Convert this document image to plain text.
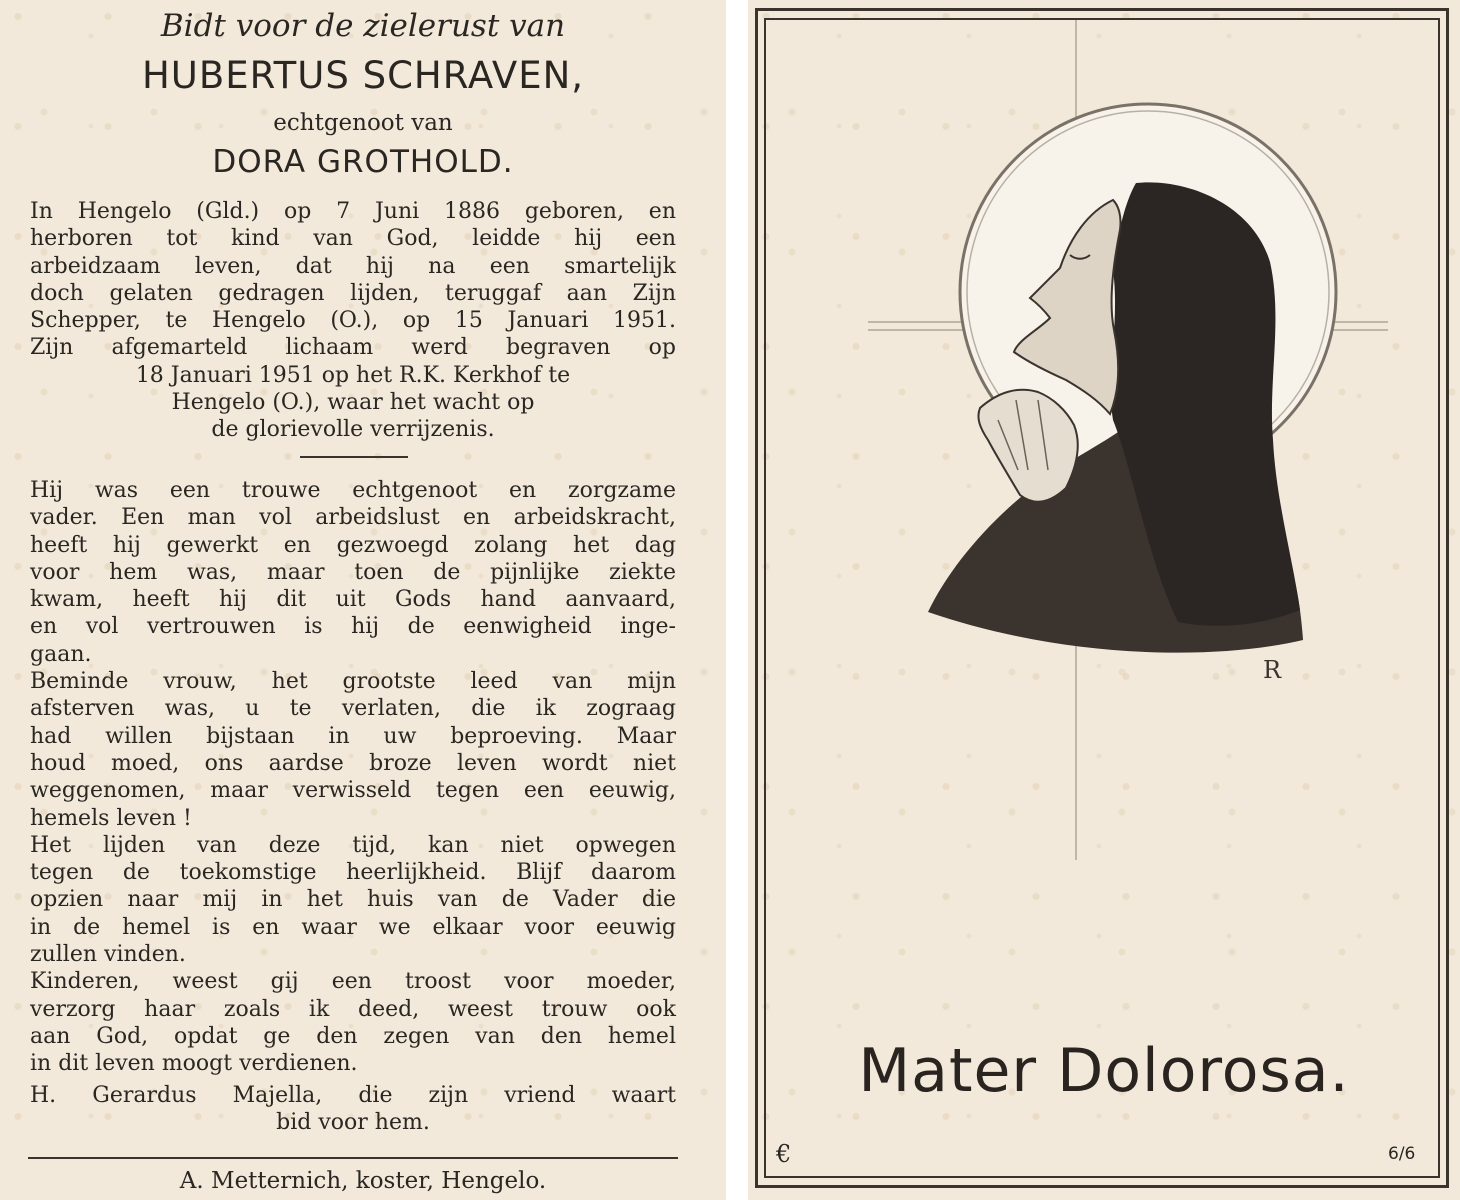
Bidt voor de zielerust van
HUBERTUS SCHRAVEN,
echtgenoot van
DORA GROTHOLD.
In Hengelo (Gld.) op 7 Juni 1886 geboren, en
herboren tot kind van God, leidde hij een
arbeidzaam leven, dat hij na een smartelijk
doch gelaten gedragen lijden, teruggaf aan Zijn
Schepper, te Hengelo (O.), op 15 Januari 1951.
Zijn afgemarteld lichaam werd begraven op
18 Januari 1951 op het R.K. Kerkhof te
Hengelo (O.), waar het wacht op
de glorievolle verrijzenis.
Hij was een trouwe echtgenoot en zorgzame
vader. Een man vol arbeidslust en arbeidskracht,
heeft hij gewerkt en gezwoegd zolang het dag
voor hem was, maar toen de pijnlijke ziekte
kwam, heeft hij dit uit Gods hand aanvaard,
en vol vertrouwen is hij de eenwigheid inge-
gaan.
Beminde vrouw, het grootste leed van mijn
afsterven was, u te verlaten, die ik zograag
had willen bijstaan in uw beproeving. Maar
houd moed, ons aardse broze leven wordt niet
weggenomen, maar verwisseld tegen een eeuwig,
hemels leven !
Het lijden van deze tijd, kan niet opwegen
tegen de toekomstige heerlijkheid. Blijf daarom
opzien naar mij in het huis van de Vader die
in de hemel is en waar we elkaar voor eeuwig
zullen vinden.
Kinderen, weest gij een troost voor moeder,
verzorg haar zoals ik deed, weest trouw ook
aan God, opdat ge den zegen van den hemel
in dit leven moogt verdienen.
H. Gerardus Majella, die zijn vriend waart
bid voor hem.
A. Metternich, koster, Hengelo.
R
Mater Dolorosa.
6/6
€
